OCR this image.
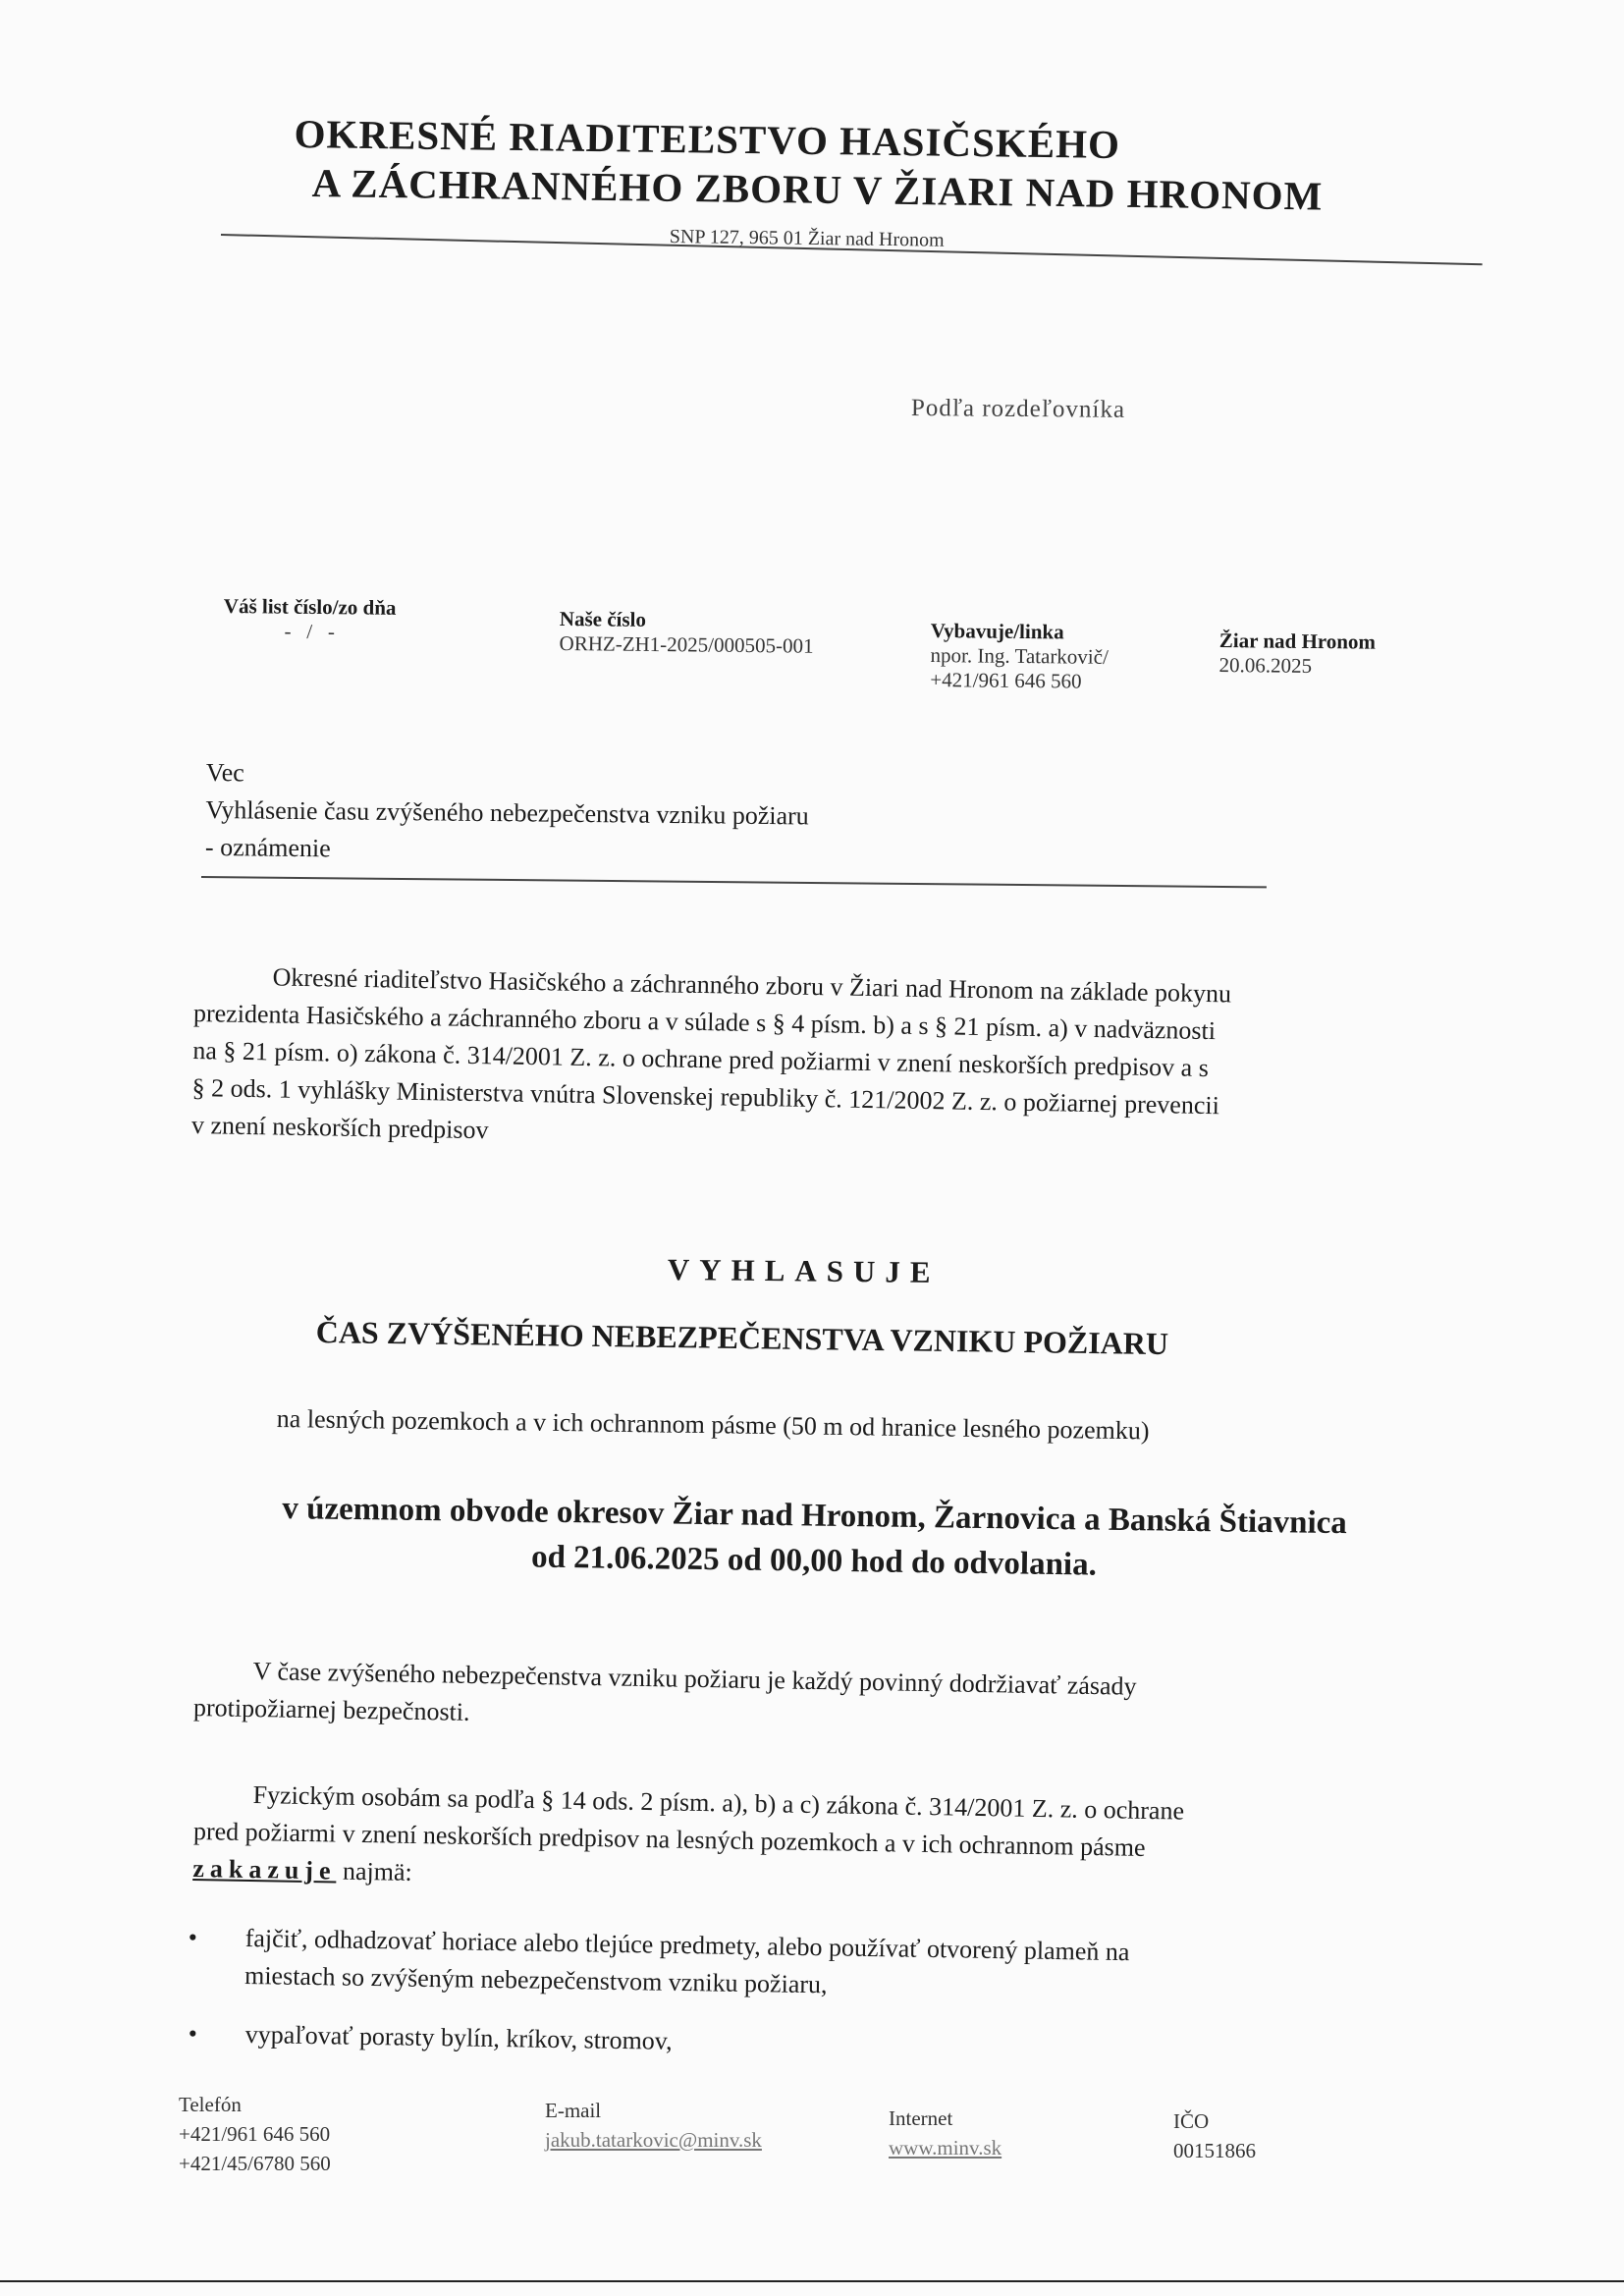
OKRESNÉ RIADITEĽSTVO HASIČSKÉHO
A ZÁCHRANNÉHO ZBORU V ŽIARI NAD HRONOM
SNP 127, 965 01 Žiar nad Hronom
Podľa rozdeľovníka
Váš list číslo/zo dňa
-   /   -	Naše číslo
ORHZ-ZH1-2025/000505-001
Vybavuje/linka
npor. Ing. Tatarkovič/
+421/961 646 560
Žiar nad Hronom
20.06.2025
Vec
Vyhlásenie času zvýšeného nebezpečenstva vzniku požiaru
- oznámenie
Okresné riaditeľstvo Hasičského a záchranného zboru v Žiari nad Hronom na základe pokynu
prezidenta Hasičského a záchranného zboru a v súlade s § 4 písm. b) a s § 21 písm. a) v nadväznosti
na § 21 písm. o) zákona č. 314/2001 Z. z. o ochrane pred požiarmi v znení neskorších predpisov a s
§ 2 ods. 1 vyhlášky Ministerstva vnútra Slovenskej republiky č. 121/2002 Z. z. o požiarnej prevencii
v znení neskorších predpisov
VYHLASUJE
ČAS ZVÝŠENÉHO NEBEZPEČENSTVA VZNIKU POŽIARU
na lesných pozemkoch a v ich ochrannom pásme (50 m od hranice lesného pozemku)
v územnom obvode okresov Žiar nad Hronom, Žarnovica a Banská Štiavnica
od 21.06.2025 od 00,00 hod do odvolania.
V čase zvýšeného nebezpečenstva vzniku požiaru je každý povinný dodržiavať zásady
protipožiarnej bezpečnosti.
Fyzickým osobám sa podľa § 14 ods. 2 písm. a), b) a c) zákona č. 314/2001 Z. z. o ochrane
pred požiarmi v znení neskorších predpisov na lesných pozemkoch a v ich ochrannom pásme
zakazuje najmä:
• fajčiť, odhadzovať horiace alebo tlejúce predmety, alebo používať otvorený plameň na
miestach so zvýšeným nebezpečenstvom vzniku požiaru,
• vypaľovať porasty bylín, kríkov, stromov,
Telefón
+421/961 646 560
+421/45/6780 560
E-mail
jakub.tatarkovic@minv.sk
Internet
www.minv.sk
IČO
00151866
